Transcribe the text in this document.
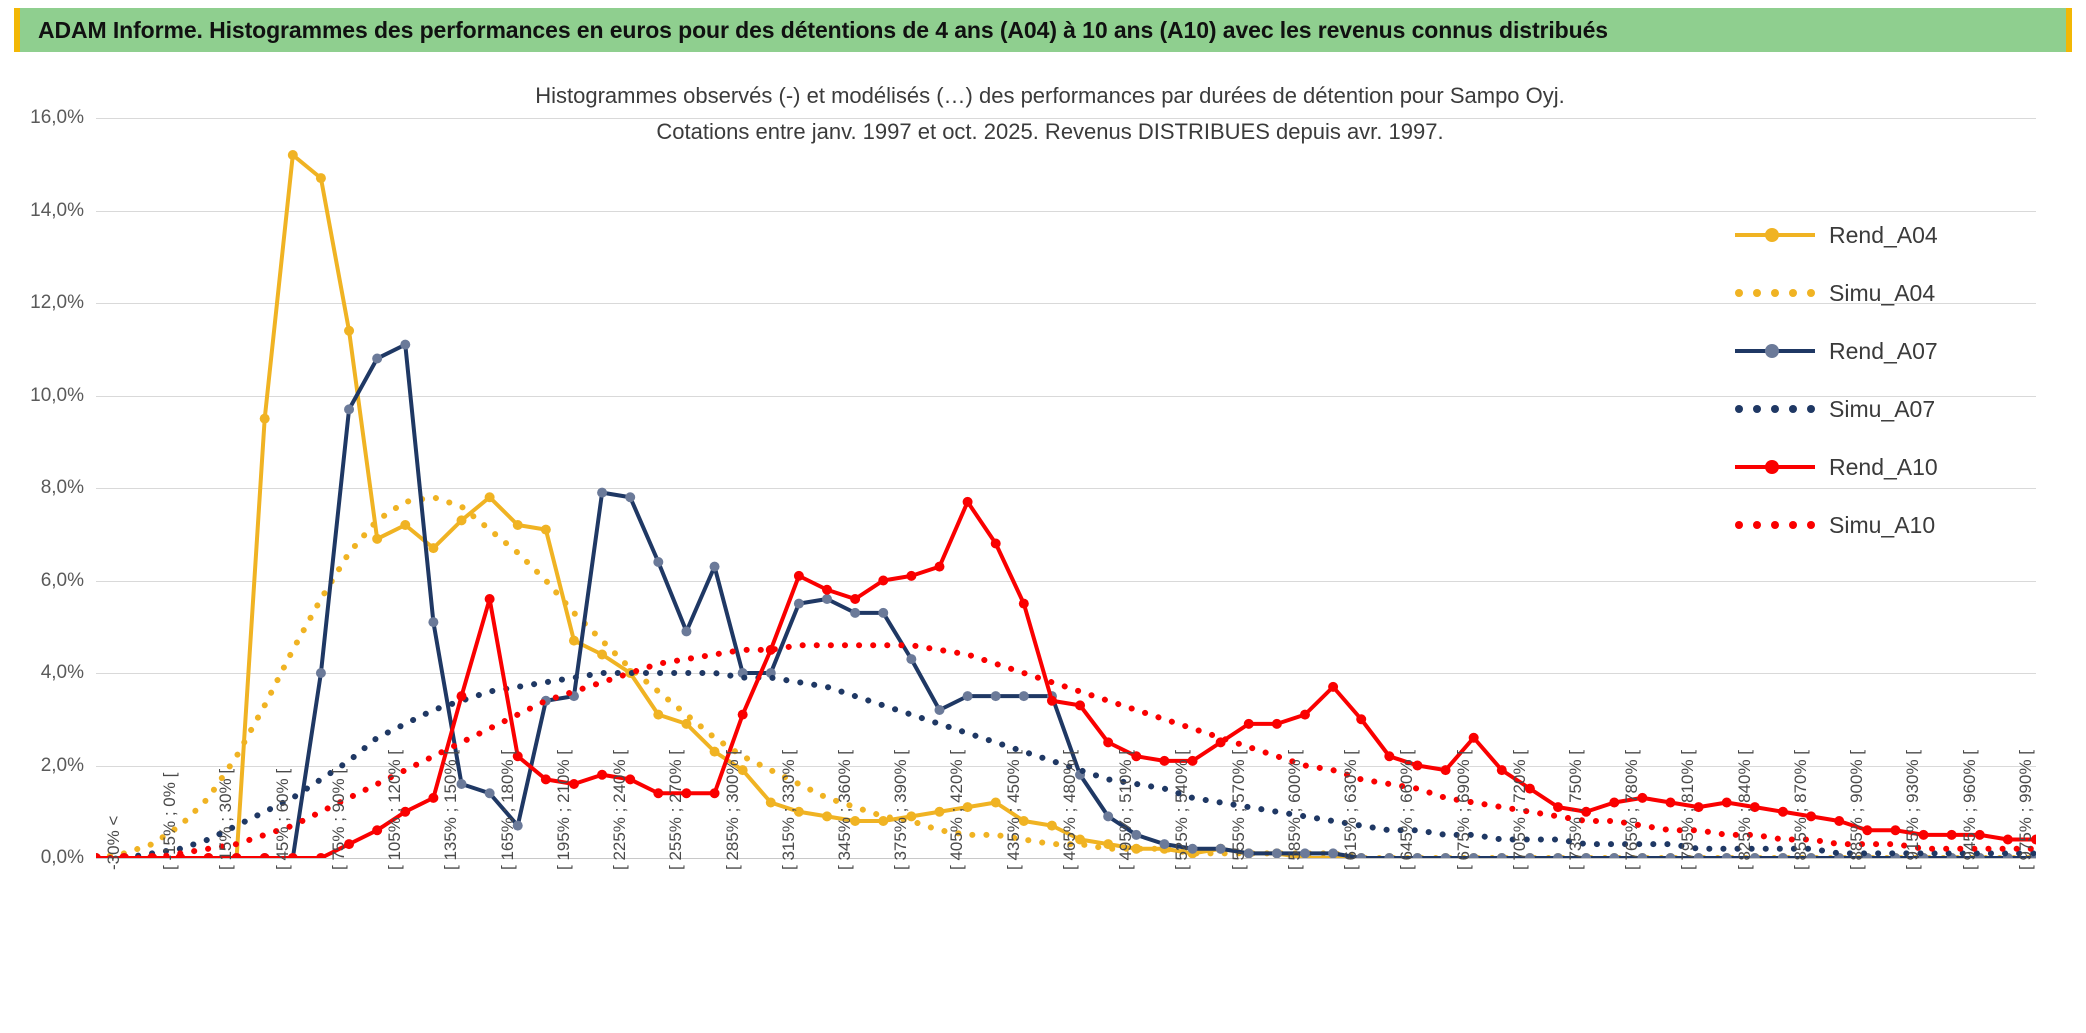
ADAM Informe. Histogrammes des performances en euros pour des détentions de 4 ans (A04) à 10 ans (A10) avec les revenus connus distribués
Histogrammes observés (-) et modélisés (…) des performances par durées de détention pour Sampo Oyj.
Cotations entre janv. 1997 et oct. 2025. Revenus DISTRIBUES depuis avr. 1997.
0,0%
2,0%
4,0%
6,0%
8,0%
10,0%
12,0%
14,0%
16,0%
-30% < [ -15% ; 0% [ [ 15% ; 30% [ [ 45% ; 60% [ [ 75% ; 90% [ [ 105% ; 120% [ [ 135% ; 150% [ [ 165% ; 180% [ [ 195% ; 210% [ [ 225% ; 240% [ [ 255% ; 270% [ [ 285% ; 300% [ [ 315% ; 330% [ [ 345% ; 360% [ [ 375% ; 390% [ [ 405% ; 420% [ [ 435% ; 450% [ [ 465% ; 480% [ [ 495% ; 510% [ [ 525% ; 540% [ [ 555% ; 570% [ [ 585% ; 600% [ [ 615% ; 630% [ [ 645% ; 660% [ [ 675% ; 690% [ [ 705% ; 720% [ [ 735% ; 750% [ [ 765% ; 780% [ [ 795% ; 810% [ [ 825% ; 840% [ [ 855% ; 870% [ [ 885% ; 900% [ [ 915% ; 930% [ [ 945% ; 960% [ [ 975% ; 990% [
Rend_A04
Simu_A04
Rend_A07
Simu_A07
Rend_A10
Simu_A10
